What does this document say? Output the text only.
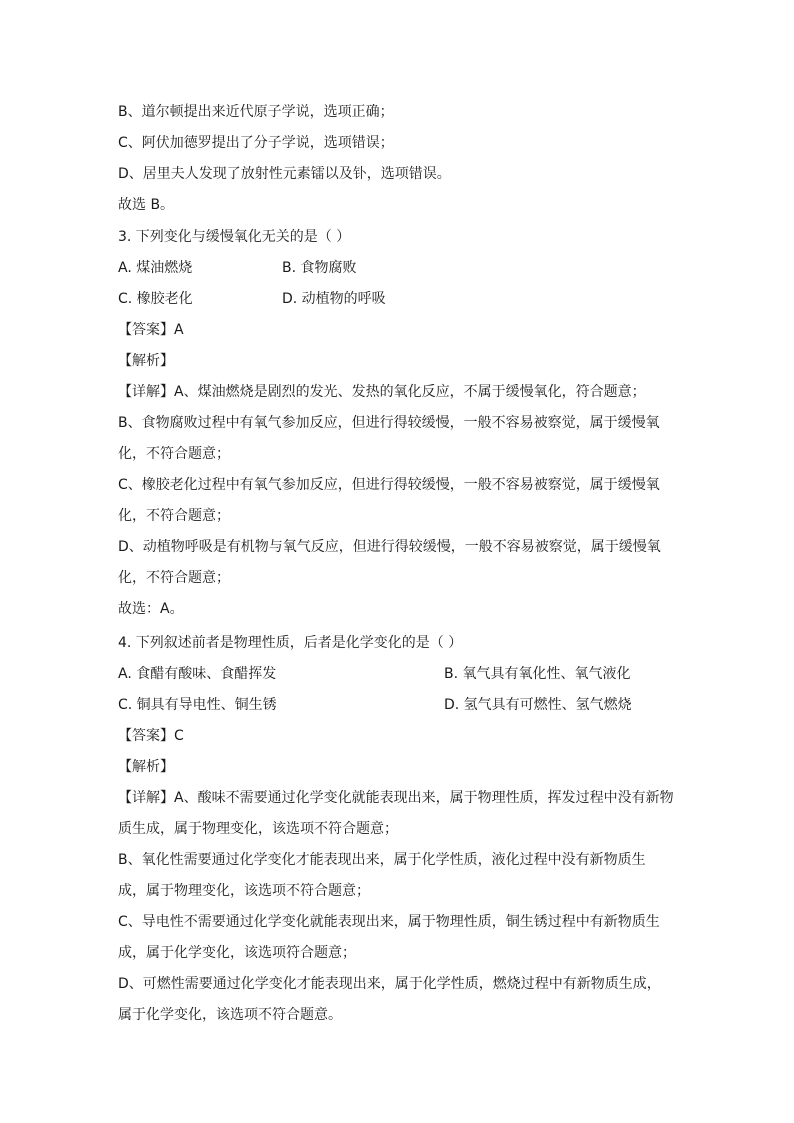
B、道尔顿提出来近代原子学说，选项正确；
C、阿伏加德罗提出了分子学说，选项错误；
D、居里夫人发现了放射性元素镭以及钋，选项错误。
故选 B。
3. 下列变化与缓慢氧化无关的是（ ）
A. 煤油燃烧	B. 食物腐败
C. 橡胶老化	D. 动植物的呼吸
【答案】A
【解析】
【详解】A、煤油燃烧是剧烈的发光、发热的氧化反应，不属于缓慢氧化，符合题意；
B、食物腐败过程中有氧气参加反应，但进行得较缓慢，一般不容易被察觉，属于缓慢氧
化，不符合题意；
C、橡胶老化过程中有氧气参加反应，但进行得较缓慢，一般不容易被察觉，属于缓慢氧
化，不符合题意；
D、动植物呼吸是有机物与氧气反应，但进行得较缓慢，一般不容易被察觉，属于缓慢氧
化，不符合题意；
故选：A。
4. 下列叙述前者是物理性质，后者是化学变化的是（ ）
A. 食醋有酸味、食醋挥发	B. 氧气具有氧化性、氧气液化
C. 铜具有导电性、铜生锈	D. 氢气具有可燃性、氢气燃烧
【答案】C
【解析】
【详解】A、酸味不需要通过化学变化就能表现出来，属于物理性质，挥发过程中没有新物
质生成，属于物理变化，该选项不符合题意；
B、氧化性需要通过化学变化才能表现出来，属于化学性质，液化过程中没有新物质生
成，属于物理变化，该选项不符合题意；
C、导电性不需要通过化学变化就能表现出来，属于物理性质，铜生锈过程中有新物质生
成，属于化学变化，该选项符合题意；
D、可燃性需要通过化学变化才能表现出来，属于化学性质，燃烧过程中有新物质生成，
属于化学变化，该选项不符合题意。
